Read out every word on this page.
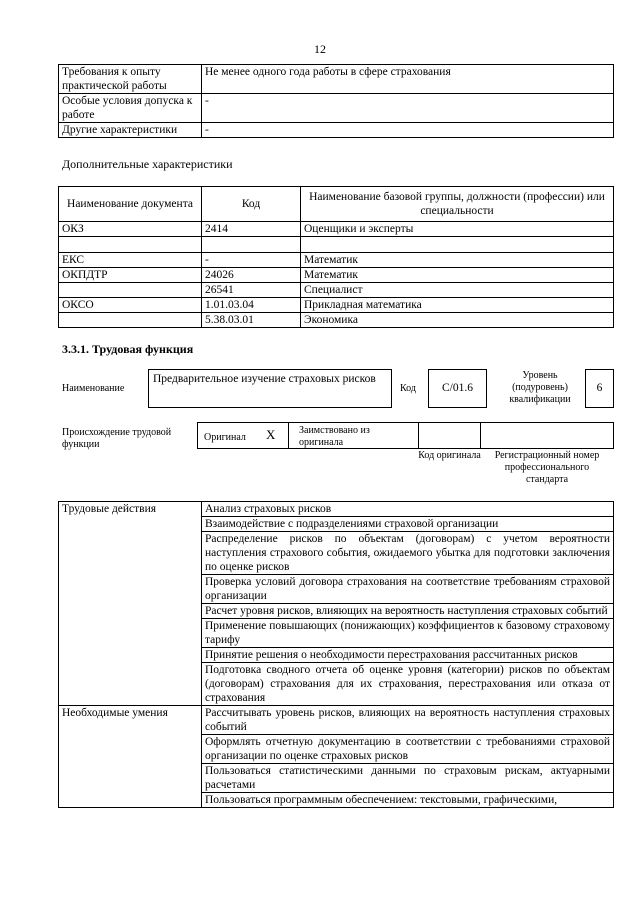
12
Требования к опыту практической работы	Не менее одного года работы в сфере страхования
Особые условия допуска к работе	-
Другие характеристики	-
Дополнительные характеристики
Наименование документа	Код	Наименование базовой группы, должности (профессии) или специальности
ОКЗ	2414	Оценщики и эксперты

ЕКС	-	Математик
ОКПДТР	24026	Математик
	26541	Специалист
ОКСО	1.01.03.04	Прикладная математика
	5.38.03.01	Экономика
3.3.1. Трудовая функция
Наименование
Предварительное изучение страховых рисков
Код	C/01.6
Уровень (подуровень) квалификации
6
Происхождение трудовой функции
Оригинал X Заимствовано из оригинала
Код оригинала	Регистрационный номер профессионального стандарта
Трудовые действия	Анализ страховых рисков
	Взаимодействие с подразделениями страховой организации
	Распределение рисков по объектам (договорам) с учетом вероятности наступления страхового события, ожидаемого убытка для подготовки заключения по оценке рисков
	Проверка условий договора страхования на соответствие требованиям страховой организации
	Расчет уровня рисков, влияющих на вероятность наступления страховых событий
	Применение повышающих (понижающих) коэффициентов к базовому страховому тарифу
	Принятие решения о необходимости перестрахования рассчитанных рисков
	Подготовка сводного отчета об оценке уровня (категории) рисков по объектам (договорам) страхования для их страхования, перестрахования или отказа от страхования
Необходимые умения	Рассчитывать уровень рисков, влияющих на вероятность наступления страховых событий
	Оформлять отчетную документацию в соответствии с требованиями страховой организации по оценке страховых рисков
	Пользоваться статистическими данными по страховым рискам, актуарными расчетами
	Пользоваться программным обеспечением: текстовыми, графическими,
